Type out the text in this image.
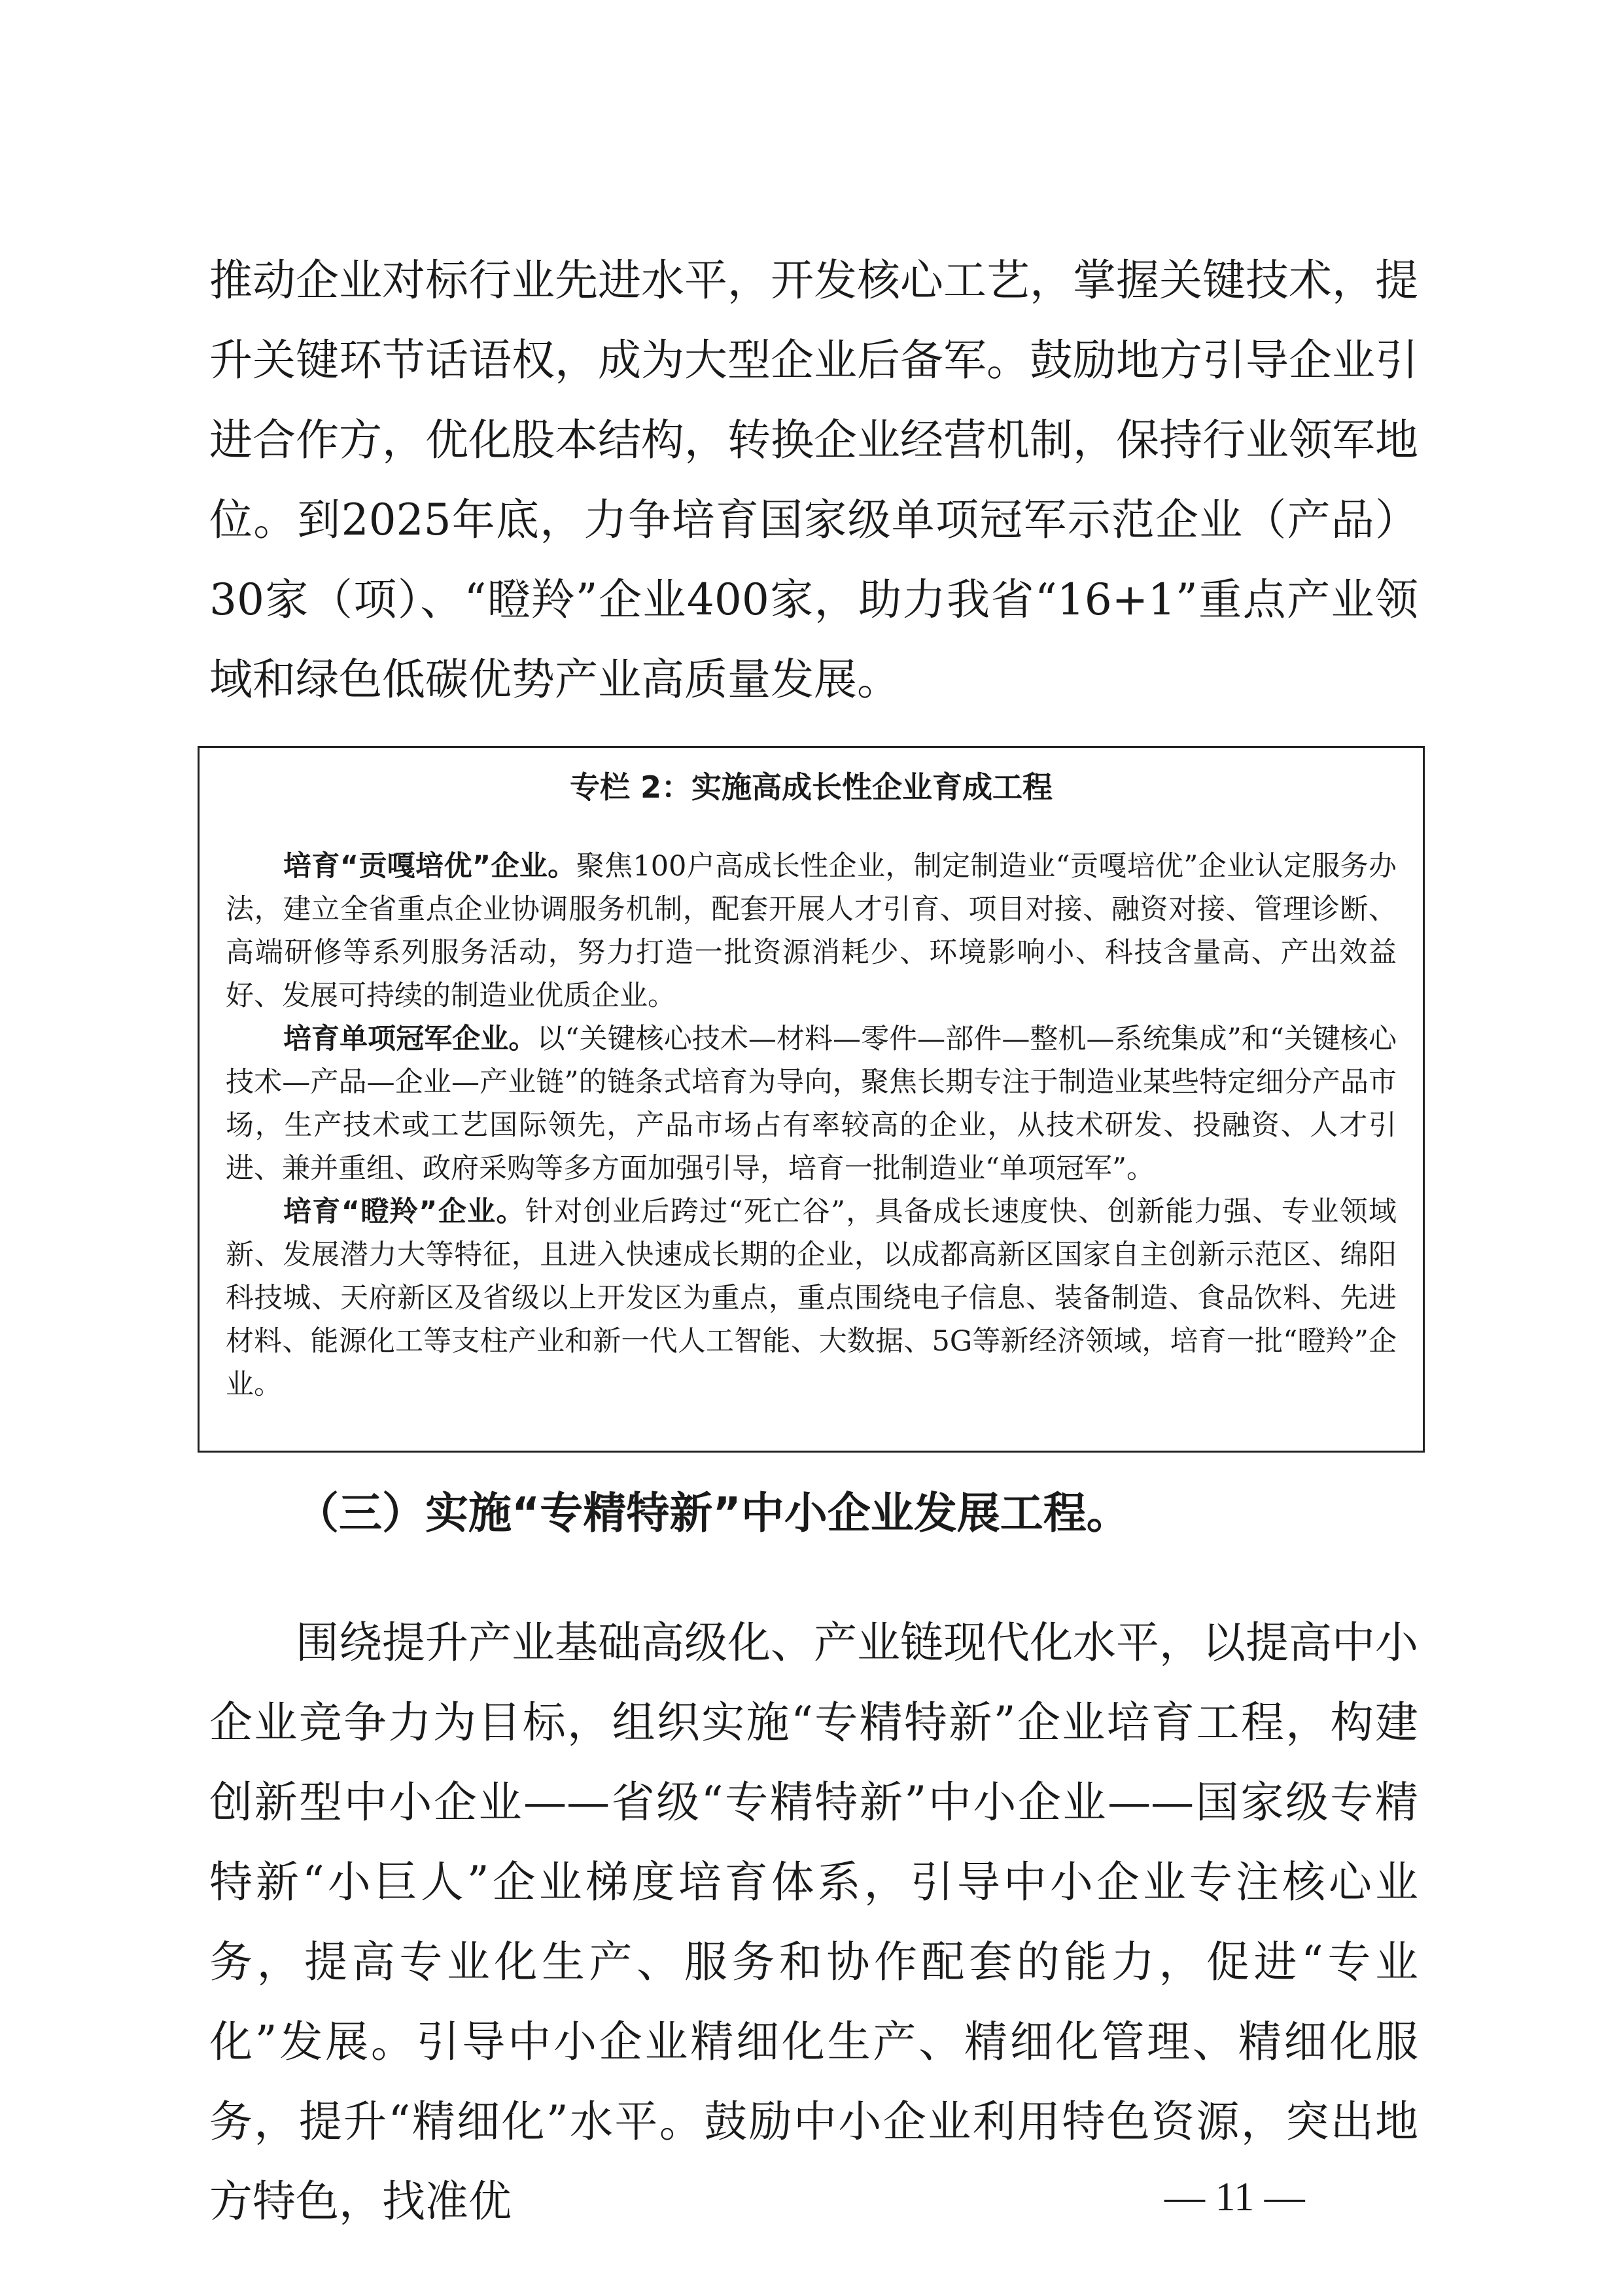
推动企业对标行业先进水平，开发核心工艺，掌握关键技术，提升关键环节话语权，成为大型企业后备军。鼓励地方引导企业引进合作方，优化股本结构，转换企业经营机制，保持行业领军地位。到2025年底，力争培育国家级单项冠军示范企业（产品）30家（项）、“瞪羚”企业400家，助力我省“16+1”重点产业领域和绿色低碳优势产业高质量发展。

专栏 2：实施高成长性企业育成工程

培育“贡嘎培优”企业。聚焦100户高成长性企业，制定制造业“贡嘎培优”企业认定服务办法，建立全省重点企业协调服务机制，配套开展人才引育、项目对接、融资对接、管理诊断、高端研修等系列服务活动，努力打造一批资源消耗少、环境影响小、科技含量高、产出效益好、发展可持续的制造业优质企业。

培育单项冠军企业。以“关键核心技术—材料—零件—部件—整机—系统集成”和“关键核心技术—产品—企业—产业链”的链条式培育为导向，聚焦长期专注于制造业某些特定细分产品市场，生产技术或工艺国际领先，产品市场占有率较高的企业，从技术研发、投融资、人才引进、兼并重组、政府采购等多方面加强引导，培育一批制造业“单项冠军”。

培育“瞪羚”企业。针对创业后跨过“死亡谷”，具备成长速度快、创新能力强、专业领域新、发展潜力大等特征，且进入快速成长期的企业，以成都高新区国家自主创新示范区、绵阳科技城、天府新区及省级以上开发区为重点，重点围绕电子信息、装备制造、食品饮料、先进材料、能源化工等支柱产业和新一代人工智能、大数据、5G等新经济领域，培育一批“瞪羚”企业。

（三）实施“专精特新”中小企业发展工程。

围绕提升产业基础高级化、产业链现代化水平，以提高中小企业竞争力为目标，组织实施“专精特新”企业培育工程，构建创新型中小企业——省级“专精特新”中小企业——国家级专精特新“小巨人”企业梯度培育体系，引导中小企业专注核心业务，提高专业化生产、服务和协作配套的能力，促进“专业化”发展。引导中小企业精细化生产、精细化管理、精细化服务，提升“精细化”水平。鼓励中小企业利用特色资源，突出地方特色，找准优	— 11 —
